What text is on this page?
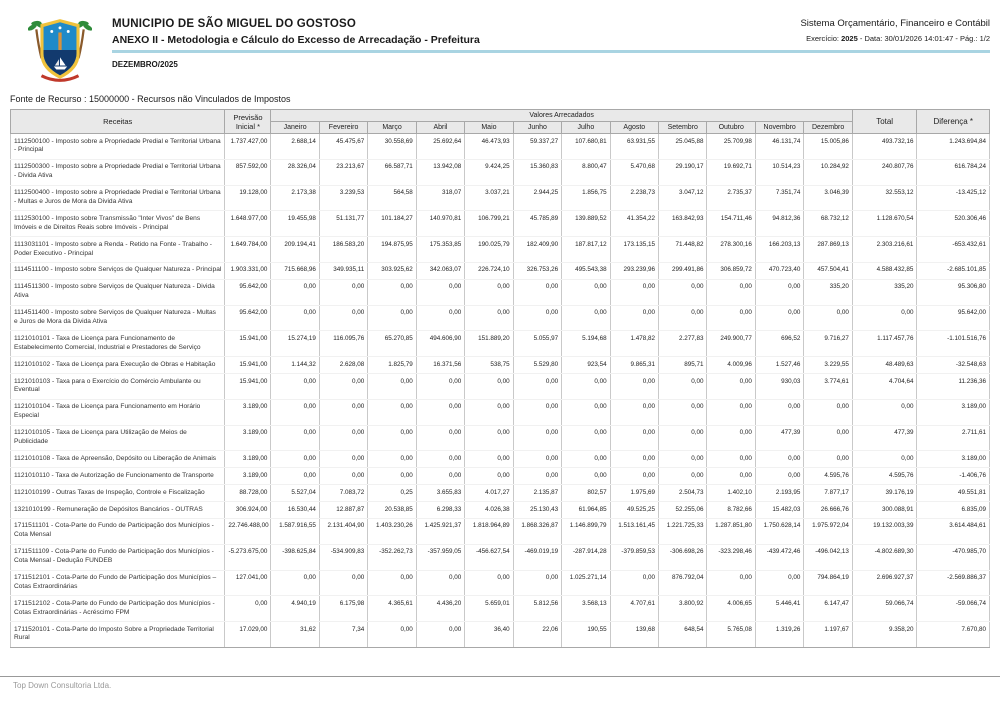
MUNICIPIO DE SÃO MIGUEL DO GOSTOSO
ANEXO II - Metodologia e Cálculo do Excesso de Arrecadação - Prefeitura
DEZEMBRO/2025
Sistema Orçamentário, Financeiro e Contábil
Exercício: 2025 - Data: 30/01/2026 14:01:47 - Pág.: 1/2
Fonte de Recurso : 15000000 - Recursos não Vinculados de Impostos
Receitas	Previsão Inicial *	Valores Arrecadados												Total	Diferença *
		Janeiro	Fevereiro	Março	Abril	Maio	Junho	Julho	Agosto	Setembro	Outubro	Novembro	Dezembro		
1112500100 - Imposto sobre a Propriedade Predial e Territorial Urbana - Principal	1.737.427,00	2.688,14	45.475,67	30.558,69	25.692,64	46.473,93	59.337,27	107.680,81	63.931,55	25.045,88	25.709,98	46.131,74	15.005,86	493.732,16	1.243.694,84
1112500300 - Imposto sobre a Propriedade Predial e Territorial Urbana - Divida Ativa	857.592,00	28.326,04	23.213,67	66.587,71	13.942,08	9.424,25	15.360,83	8.800,47	5.470,68	29.190,17	19.692,71	10.514,23	10.284,92	240.807,76	616.784,24
1112500400 - Imposto sobre a Propriedade Predial e Territorial Urbana - Multas e Juros de Mora da Divida Ativa	19.128,00	2.173,38	3.239,53	564,58	318,07	3.037,21	2.944,25	1.856,75	2.238,73	3.047,12	2.735,37	7.351,74	3.046,39	32.553,12	-13.425,12
1112530100 - Imposto sobre Transmissão "Inter Vivos" de Bens Imóveis e de Direitos Reais sobre Imóveis - Principal	1.648.977,00	19.455,98	51.131,77	101.184,27	140.970,81	106.799,21	45.785,89	139.889,52	41.354,22	163.842,93	154.711,46	94.812,36	68.732,12	1.128.670,54	520.306,46
1113031101 - Imposto sobre a Renda - Retido na Fonte - Trabalho - Poder Executivo - Principal	1.649.784,00	209.194,41	186.583,20	194.875,95	175.353,85	190.025,79	182.409,90	187.817,12	173.135,15	71.448,82	278.300,16	166.203,13	287.869,13	2.303.216,61	-653.432,61
1114511100 - Imposto sobre Serviços de Qualquer Natureza - Principal	1.903.331,00	715.668,96	349.935,11	303.925,62	342.063,07	226.724,10	326.753,26	495.543,38	293.239,96	299.491,86	306.859,72	470.723,40	457.504,41	4.588.432,85	-2.685.101,85
1114511300 - Imposto sobre Serviços de Qualquer Natureza - Divida Ativa	95.642,00	0,00	0,00	0,00	0,00	0,00	0,00	0,00	0,00	0,00	0,00	0,00	335,20	335,20	95.306,80
1114511400 - Imposto sobre Serviços de Qualquer Natureza - Multas e Juros de Mora da Divida Ativa	95.642,00	0,00	0,00	0,00	0,00	0,00	0,00	0,00	0,00	0,00	0,00	0,00	0,00	0,00	95.642,00
1121010101 - Taxa de Licença para Funcionamento de Estabelecimento Comercial, Industrial e Prestadores de Serviço	15.941,00	15.274,19	116.095,76	65.270,85	494.606,90	151.889,20	5.055,97	5.194,68	1.478,82	2.277,83	249.900,77	696,52	9.716,27	1.117.457,76	-1.101.516,76
1121010102 - Taxa de Licença para Execução de Obras e Habitação	15.941,00	1.144,32	2.628,08	1.825,79	16.371,56	538,75	5.529,80	923,54	9.865,31	895,71	4.009,96	1.527,46	3.229,55	48.489,63	-32.548,63
1121010103 - Taxa para o Exercício do Comércio Ambulante ou Eventual	15.941,00	0,00	0,00	0,00	0,00	0,00	0,00	0,00	0,00	0,00	0,00	930,03	3.774,61	4.704,64	11.236,36
1121010104 - Taxa de Licença para Funcionamento em Horário Especial	3.189,00	0,00	0,00	0,00	0,00	0,00	0,00	0,00	0,00	0,00	0,00	0,00	0,00	0,00	3.189,00
1121010105 - Taxa de Licença para Utilização de Meios de Publicidade	3.189,00	0,00	0,00	0,00	0,00	0,00	0,00	0,00	0,00	0,00	0,00	477,39	0,00	477,39	2.711,61
1121010108 - Taxa de Apreensão, Depósito ou Liberação de Animais	3.189,00	0,00	0,00	0,00	0,00	0,00	0,00	0,00	0,00	0,00	0,00	0,00	0,00	0,00	3.189,00
1121010110 - Taxa de Autorização de Funcionamento de Transporte	3.189,00	0,00	0,00	0,00	0,00	0,00	0,00	0,00	0,00	0,00	0,00	0,00	4.595,76	4.595,76	-1.406,76
1121010199 - Outras Taxas de Inspeção, Controle e Fiscalização	88.728,00	5.527,04	7.083,72	0,25	3.655,83	4.017,27	2.135,87	802,57	1.975,69	2.504,73	1.402,10	2.193,95	7.877,17	39.176,19	49.551,81
1321010199 - Remuneração de Depósitos Bancários - OUTRAS	306.924,00	16.530,44	12.887,87	20.538,85	6.298,33	4.026,38	25.130,43	61.964,85	49.525,25	52.255,06	8.782,66	15.482,03	26.666,76	300.088,91	6.835,09
1711511101 - Cota-Parte do Fundo de Participação dos Municípios - Cota Mensal	22.746.488,00	1.587.916,55	2.131.404,90	1.403.230,26	1.425.921,37	1.818.964,89	1.868.326,87	1.146.899,79	1.513.161,45	1.221.725,33	1.287.851,80	1.750.628,14	1.975.972,04	19.132.003,39	3.614.484,61
1711511109 - Cota-Parte do Fundo de Participação dos Municípios - Cota Mensal - Dedução FUNDEB	-5.273.675,00	-398.625,84	-534.909,83	-352.262,73	-357.959,05	-456.627,54	-469.019,19	-287.914,28	-379.859,53	-306.698,26	-323.298,46	-439.472,46	-496.042,13	-4.802.689,30	-470.985,70
1711512101 - Cota-Parte do Fundo de Participação dos Municípios – Cotas Extraordinárias	127.041,00	0,00	0,00	0,00	0,00	0,00	0,00	1.025.271,14	0,00	876.792,04	0,00	0,00	794.864,19	2.696.927,37	-2.569.886,37
1711512102 - Cota-Parte do Fundo de Participação dos Municípios - Cotas Extraordinárias - Acréscimo FPM	0,00	4.940,19	6.175,98	4.365,61	4.436,20	5.659,01	5.812,56	3.568,13	4.707,61	3.800,92	4.006,65	5.446,41	6.147,47	59.066,74	-59.066,74
1711520101 - Cota-Parte do Imposto Sobre a Propriedade Territorial Rural	17.029,00	31,62	7,34	0,00	0,00	36,40	22,06	190,55	139,68	648,54	5.765,08	1.319,26	1.197,67	9.358,20	7.670,80
Top Down Consultoria Ltda.
